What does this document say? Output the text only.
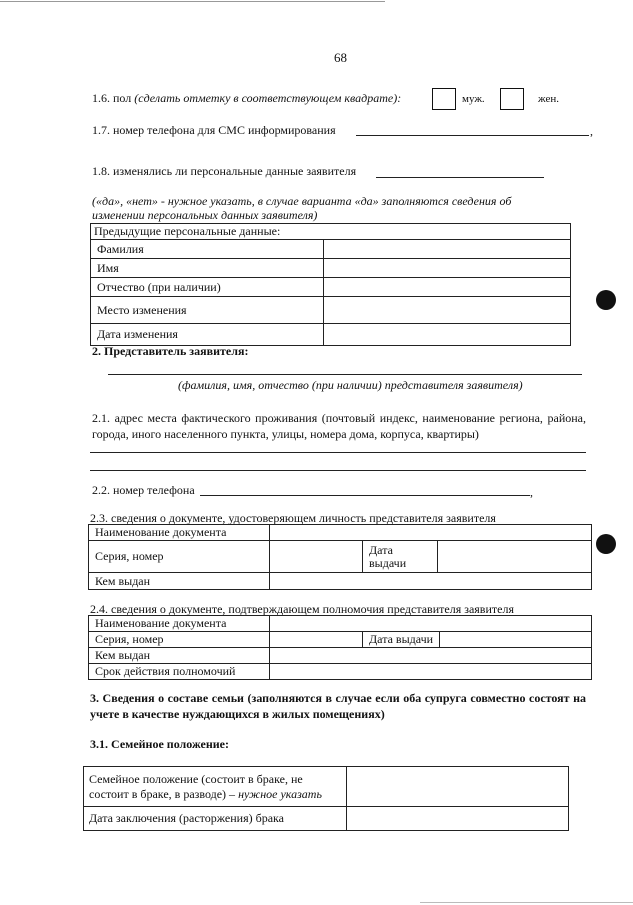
68
1.6. пол (сделать отметку в соответствующем квадрате):	муж.	жен.
1.7. номер телефона для СМС информирования	,
1.8. изменялись ли персональные данные заявителя
(«да», «нет» - нужное указать, в случае варианта «да» заполняются сведения об изменении персональных данных заявителя)
Предыдущие персональные данные:	
Фамилия	
Имя	
Отчество (при наличии)	
Место изменения	
Дата изменения	
2. Представитель заявителя:
(фамилия, имя, отчество (при наличии) представителя заявителя)
2.1. адрес места фактического проживания (почтовый индекс, наименование региона, района, города, иного населенного пункта, улицы, номера дома, корпуса, квартиры)
2.2. номер телефона	,
2.3. сведения о документе, удостоверяющем личность представителя заявителя
Наименование документа			
Серия, номер		Дата
выдачи	
Кем выдан			
2.4. сведения о документе, подтверждающем полномочия представителя заявителя
Наименование документа			
Серия, номер		Дата выдачи	
Кем выдан			
Срок действия полномочий			
3. Сведения о составе семьи (заполняются в случае если оба супруга совместно состоят на учете в качестве нуждающихся в жилых помещениях)
3.1. Семейное положение:
Семейное положение (состоит в браке, не состоит в браке, в разводе) – нужное указать	
Дата заключения (расторжения) брака	
